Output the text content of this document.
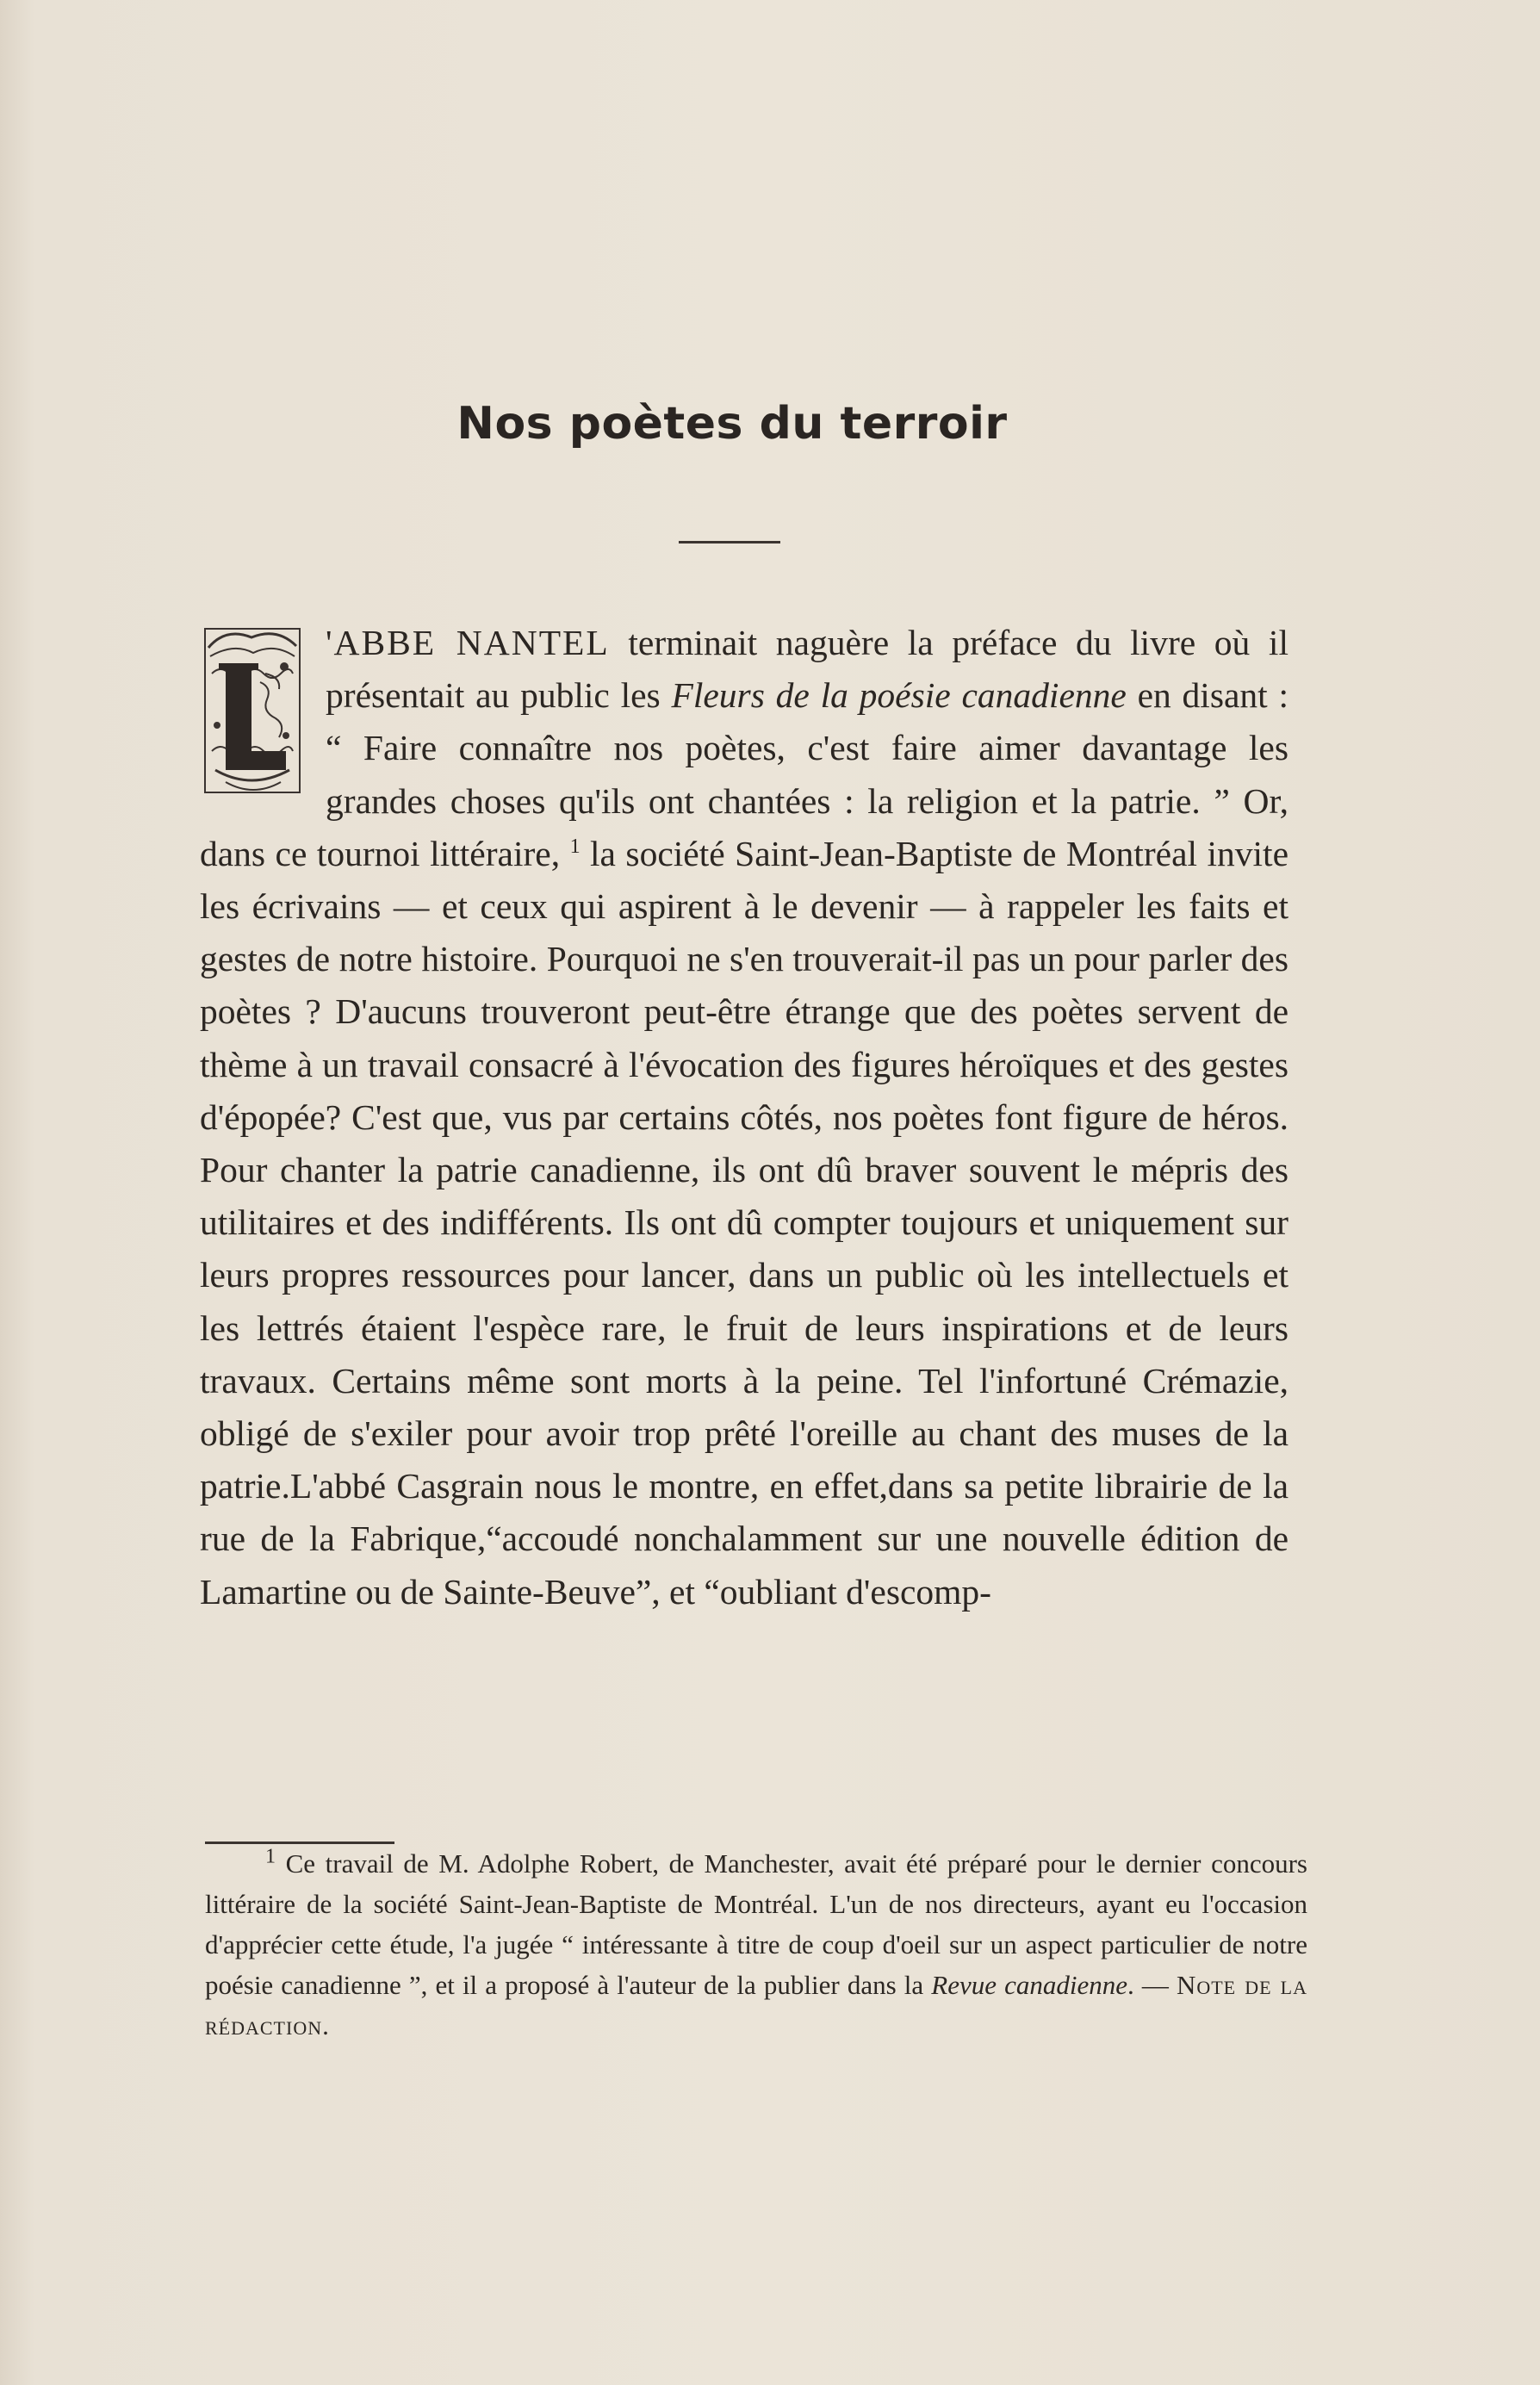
Nos poètes du terroir

'ABBE NANTEL terminait naguère la préface du livre où il présentait au public les Fleurs de la poésie canadienne en disant : “ Faire connaître nos poètes, c'est faire aimer davantage les grandes choses qu'ils ont chantées : la religion et la patrie. ” Or, dans ce tournoi littéraire, $^1$ la société Saint-Jean-Baptiste de Montréal invite les écrivains — et ceux qui aspirent à le devenir — à rappeler les faits et gestes de notre histoire. Pourquoi ne s'en trouverait-il pas un pour parler des poètes ? D'aucuns trouveront peut-être étrange que des poètes servent de thème à un travail consacré à l'évocation des figures héroïques et des gestes d'épopée? C'est que, vus par certains côtés, nos poètes font figure de héros. Pour chanter la patrie canadienne, ils ont dû braver souvent le mépris des utilitaires et des indifférents. Ils ont dû compter toujours et uniquement sur leurs propres ressources pour lancer, dans un public où les intellectuels et les lettrés étaient l'espèce rare, le fruit de leurs inspirations et de leurs travaux. Certains même sont morts à la peine. Tel l'infortuné Crémazie, obligé de s'exiler pour avoir trop prêté l'oreille au chant des muses de la patrie.L'abbé Casgrain nous le montre, en effet,dans sa petite librairie de la rue de la Fabrique,“accoudé nonchalamment sur une nouvelle édition de Lamartine ou de Sainte-Beuve”, et “oubliant d'escomp-

$^1$ Ce travail de M. Adolphe Robert, de Manchester, avait été préparé pour le dernier concours littéraire de la société Saint-Jean-Baptiste de Montréal. L'un de nos directeurs, ayant eu l'occasion d'apprécier cette étude, l'a jugée “ intéressante à titre de coup d'oeil sur un aspect particulier de notre poésie canadienne ”, et il a proposé à l'auteur de la publier dans la Revue canadienne. — Note de la rédaction.
